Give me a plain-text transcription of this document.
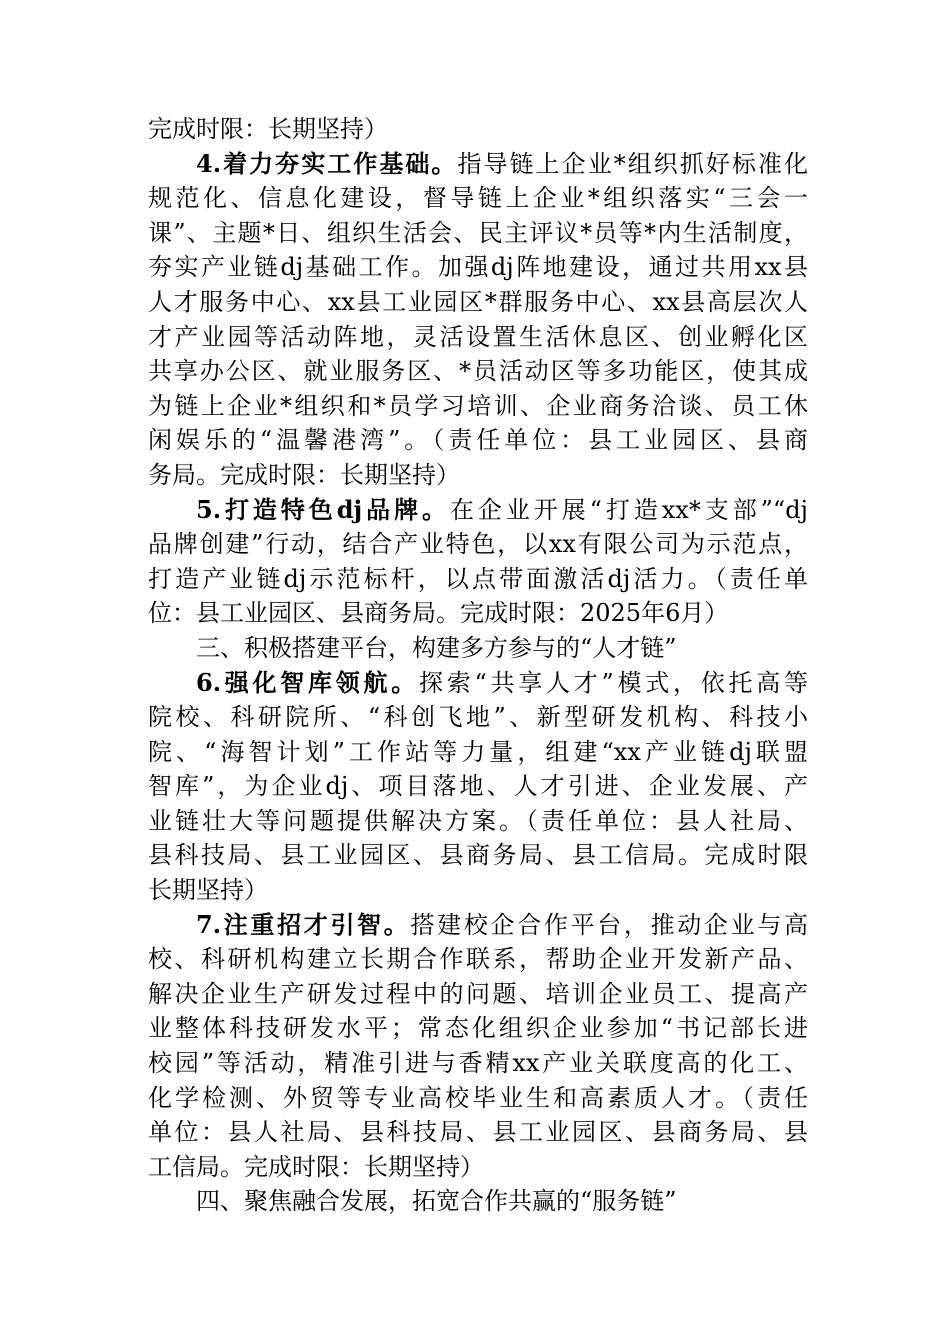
完成时限：长期坚持）
4.着力夯实工作基础。指导链上企业*组织抓好标准化
规范化、信息化建设，督导链上企业*组织落实“三会一
课”、主题*日、组织生活会、民主评议*员等*内生活制度，
夯实产业链dj基础工作。加强dj阵地建设，通过共用xx县
人才服务中心、xx县工业园区*群服务中心、xx县高层次人
才产业园等活动阵地，灵活设置生活休息区、创业孵化区
共享办公区、就业服务区、*员活动区等多功能区，使其成
为链上企业*组织和*员学习培训、企业商务洽谈、员工休
闲娱乐的“温馨港湾”。（责任单位：县工业园区、县商
务局。完成时限：长期坚持）
5.打造特色dj品牌。在企业开展“打造xx*支部”“dj
品牌创建”行动，结合产业特色，以xx有限公司为示范点，
打造产业链dj示范标杆，以点带面激活dj活力。（责任单
位：县工业园区、县商务局。完成时限：2025年6月）
三、积极搭建平台，构建多方参与的“人才链”
6.强化智库领航。探索“共享人才”模式，依托高等
院校、科研院所、“科创飞地”、新型研发机构、科技小
院、“海智计划”工作站等力量，组建“xx产业链dj联盟
智库”，为企业dj、项目落地、人才引进、企业发展、产
业链壮大等问题提供解决方案。（责任单位：县人社局、
县科技局、县工业园区、县商务局、县工信局。完成时限
长期坚持）
7.注重招才引智。搭建校企合作平台，推动企业与高
校、科研机构建立长期合作联系，帮助企业开发新产品、
解决企业生产研发过程中的问题、培训企业员工、提高产
业整体科技研发水平；常态化组织企业参加“书记部长进
校园”等活动，精准引进与香精xx产业关联度高的化工、
化学检测、外贸等专业高校毕业生和高素质人才。（责任
单位：县人社局、县科技局、县工业园区、县商务局、县
工信局。完成时限：长期坚持）
四、聚焦融合发展，拓宽合作共赢的“服务链”
